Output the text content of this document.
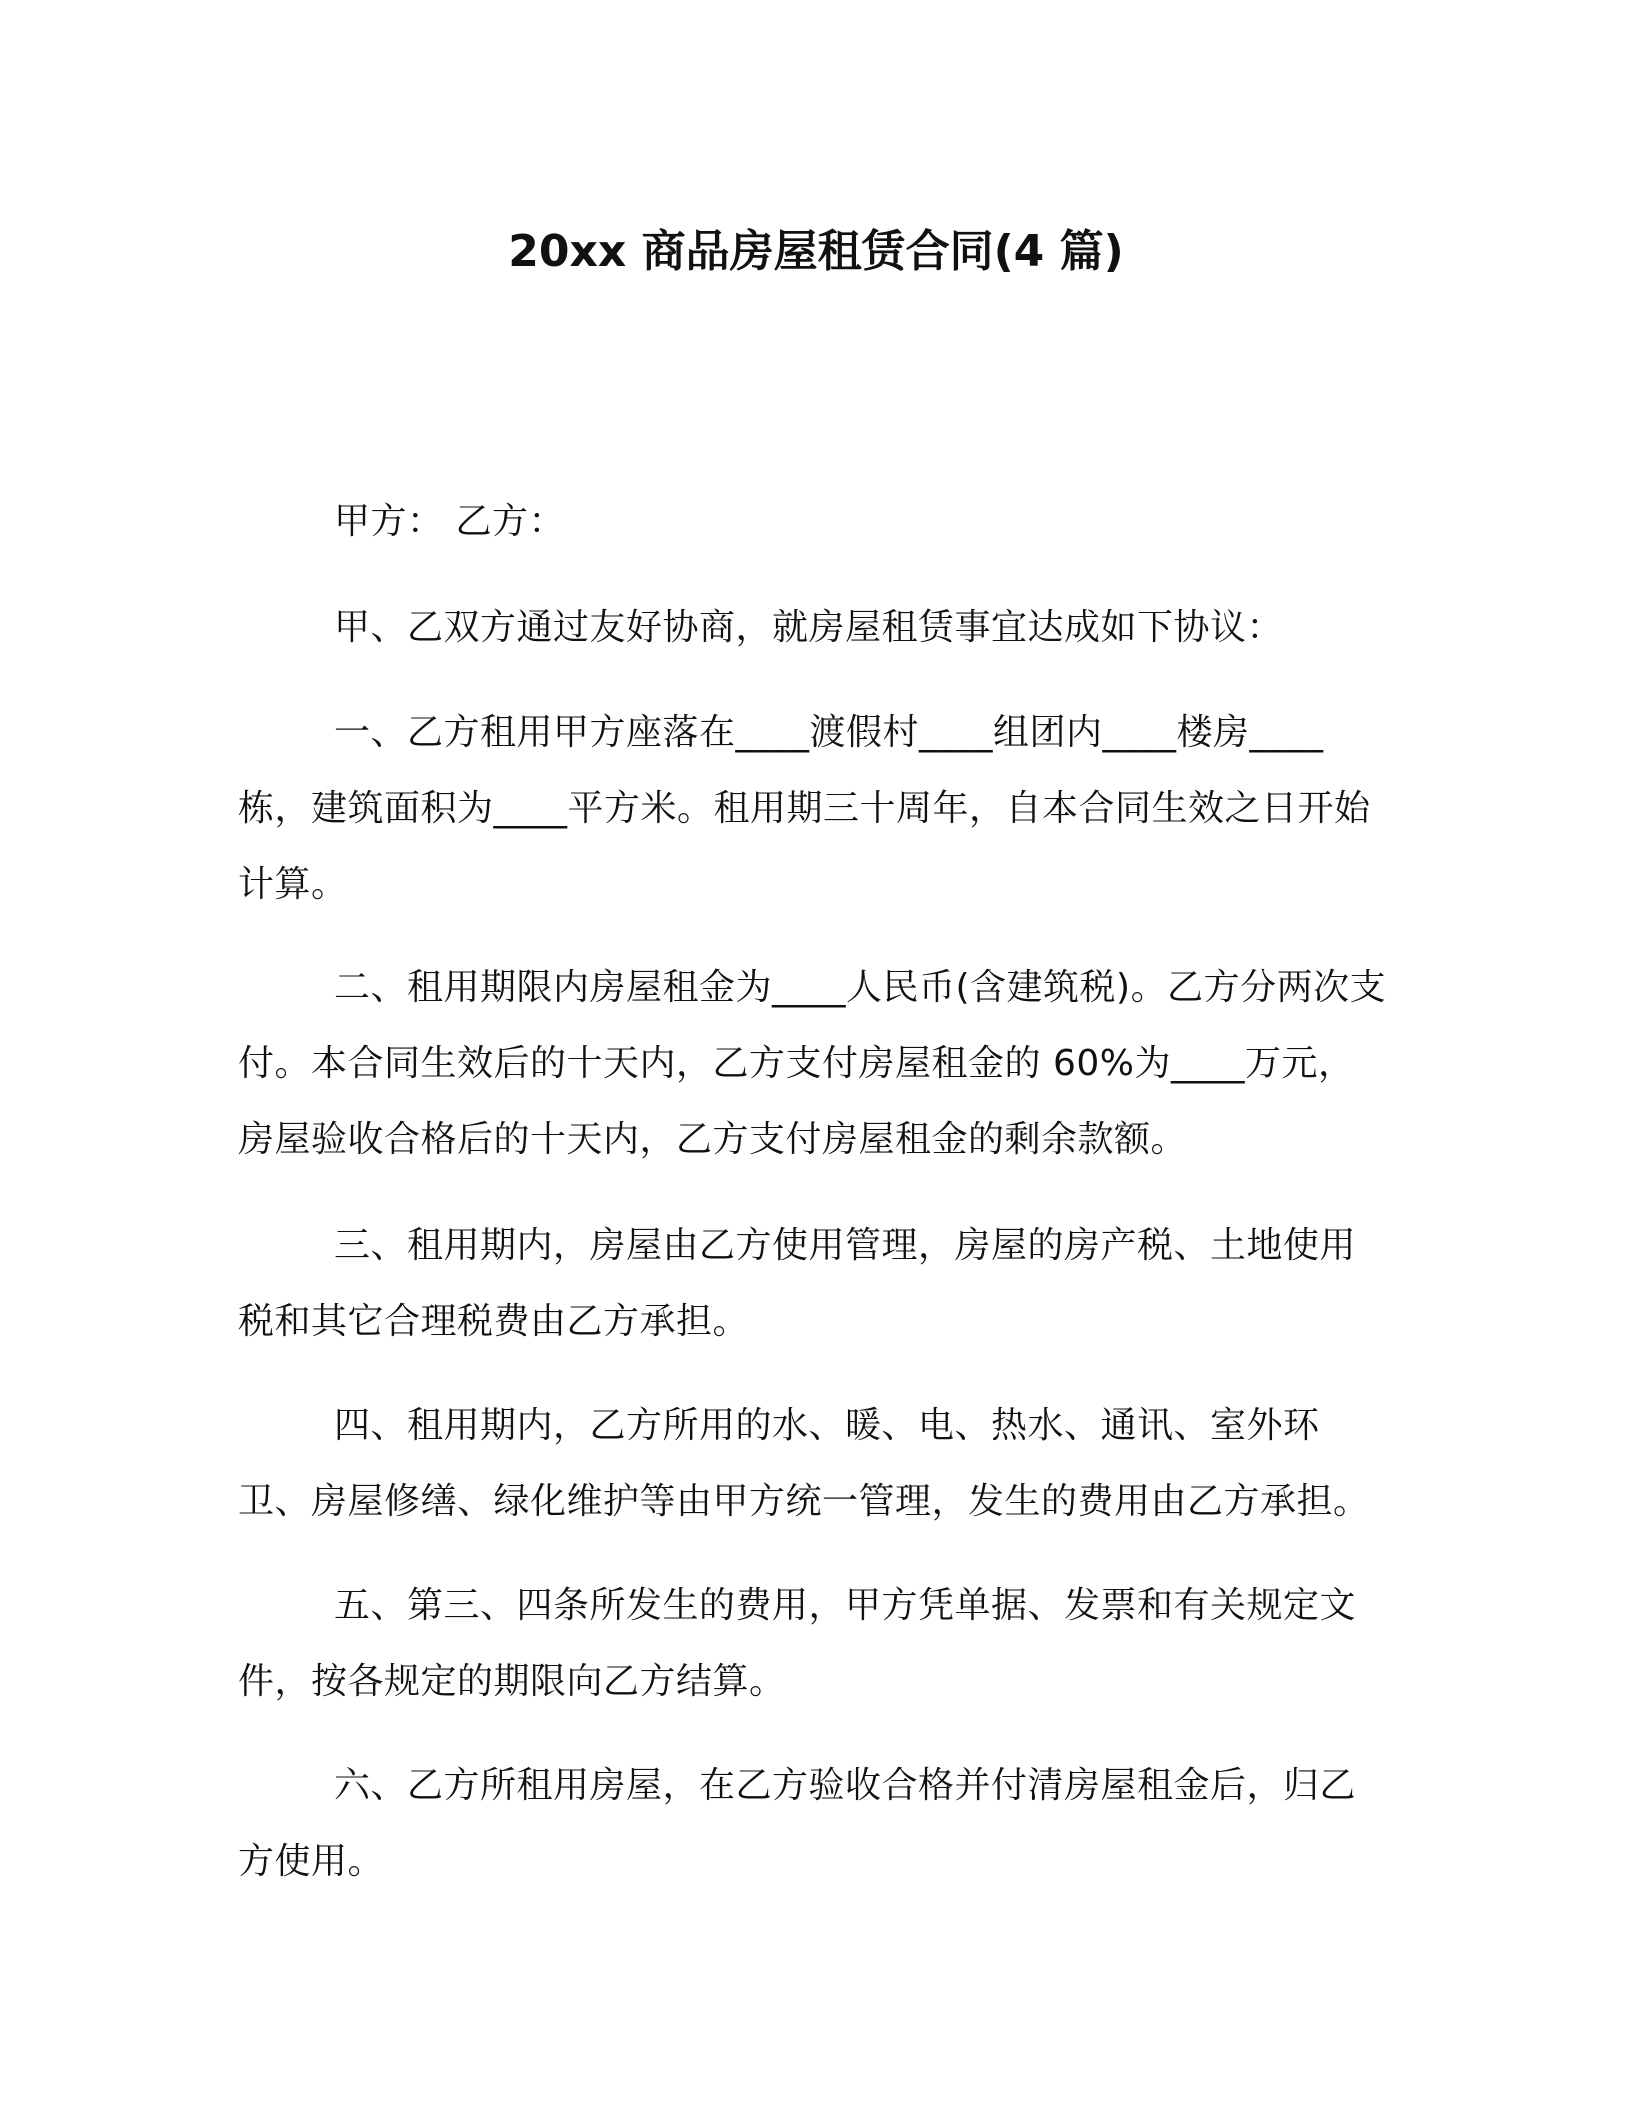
20xx 商品房屋租赁合同(4 篇)

甲方： 乙方：

甲、乙双方通过友好协商，就房屋租赁事宜达成如下协议：

一、乙方租用甲方座落在____渡假村____组团内____楼房____栋，建筑面积为____平方米。租用期三十周年，自本合同生效之日开始计算。

二、租用期限内房屋租金为____人民币(含建筑税)。乙方分两次支付。本合同生效后的十天内，乙方支付房屋租金的 60%为____万元，房屋验收合格后的十天内，乙方支付房屋租金的剩余款额。

三、租用期内，房屋由乙方使用管理，房屋的房产税、土地使用税和其它合理税费由乙方承担。

四、租用期内，乙方所用的水、暖、电、热水、通讯、室外环卫、房屋修缮、绿化维护等由甲方统一管理，发生的费用由乙方承担。

五、第三、四条所发生的费用，甲方凭单据、发票和有关规定文件，按各规定的期限向乙方结算。

六、乙方所租用房屋，在乙方验收合格并付清房屋租金后，归乙方使用。
